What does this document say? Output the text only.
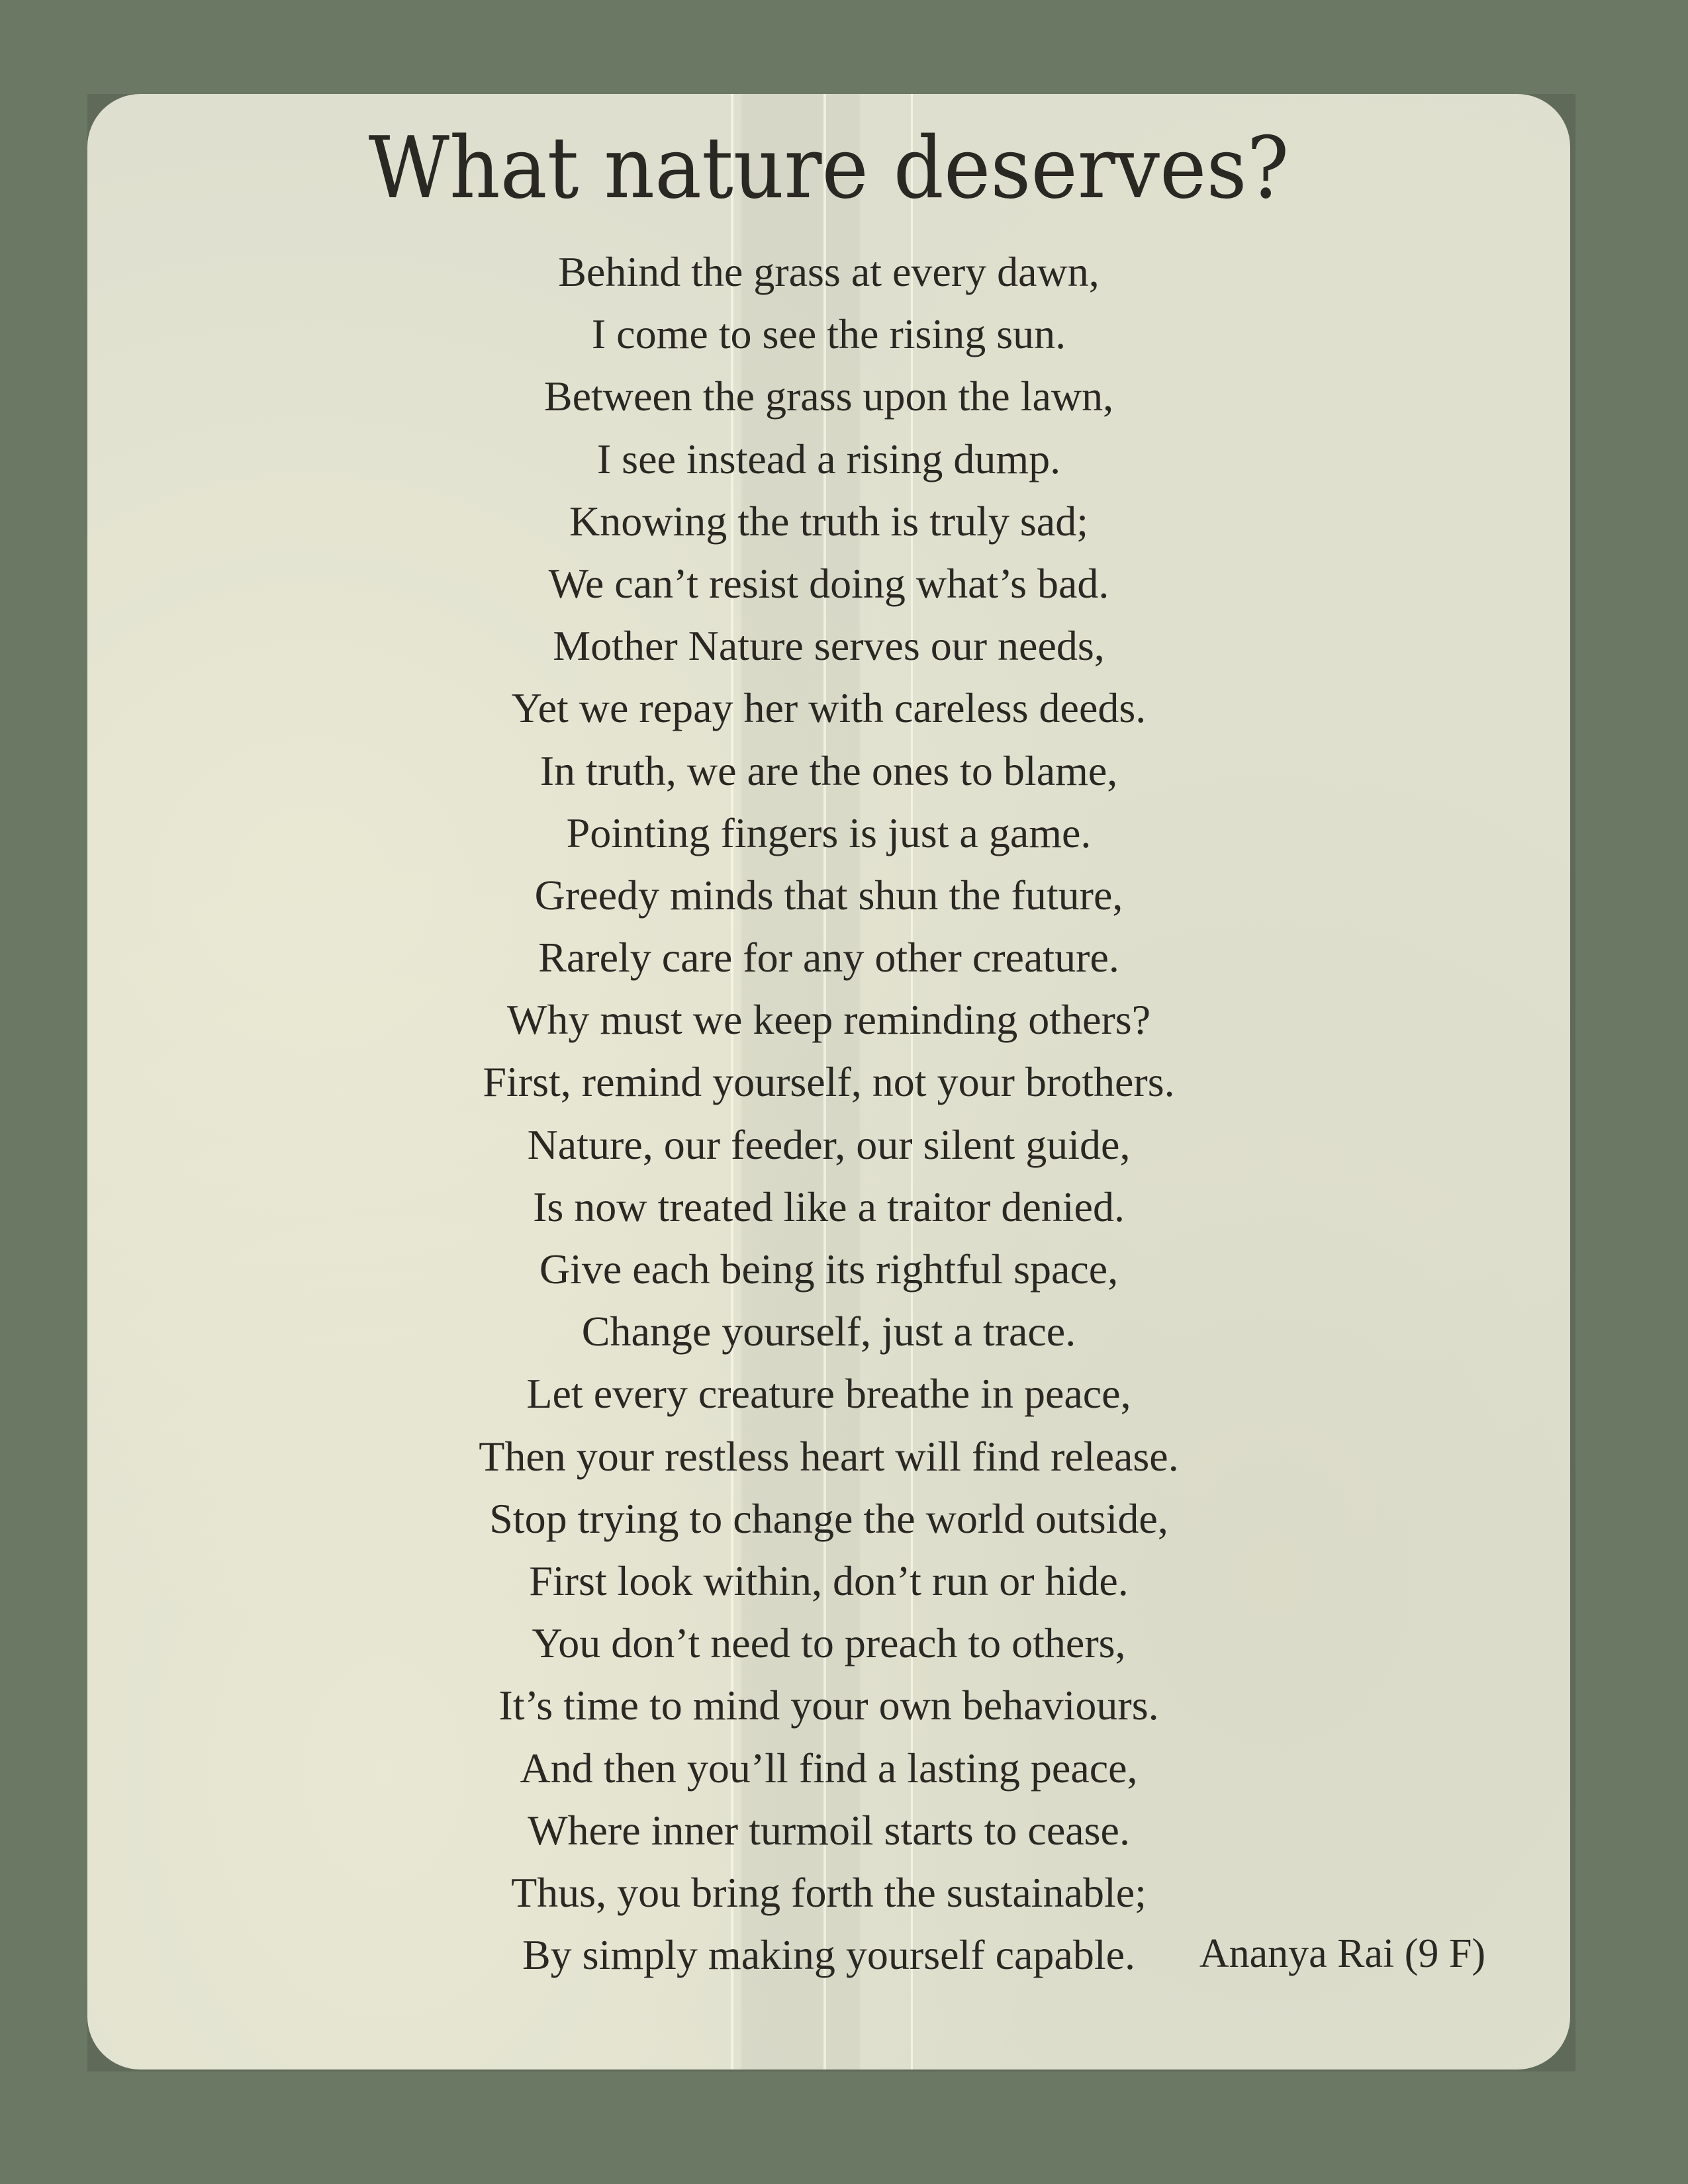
What nature deserves?
Behind the grass at every dawn,
I come to see the rising sun.
Between the grass upon the lawn,
I see instead a rising dump.
Knowing the truth is truly sad;
We can’t resist doing what’s bad.
Mother Nature serves our needs,
Yet we repay her with careless deeds.
In truth, we are the ones to blame,
Pointing fingers is just a game.
Greedy minds that shun the future,
Rarely care for any other creature.
Why must we keep reminding others?
First, remind yourself, not your brothers.
Nature, our feeder, our silent guide,
Is now treated like a traitor denied.
Give each being its rightful space,
Change yourself, just a trace.
Let every creature breathe in peace,
Then your restless heart will find release.
Stop trying to change the world outside,
First look within, don’t run or hide.
You don’t need to preach to others,
It’s time to mind your own behaviours.
And then you’ll find a lasting peace,
Where inner turmoil starts to cease.
Thus, you bring forth the sustainable;
By simply making yourself capable.	Ananya Rai (9 F)
